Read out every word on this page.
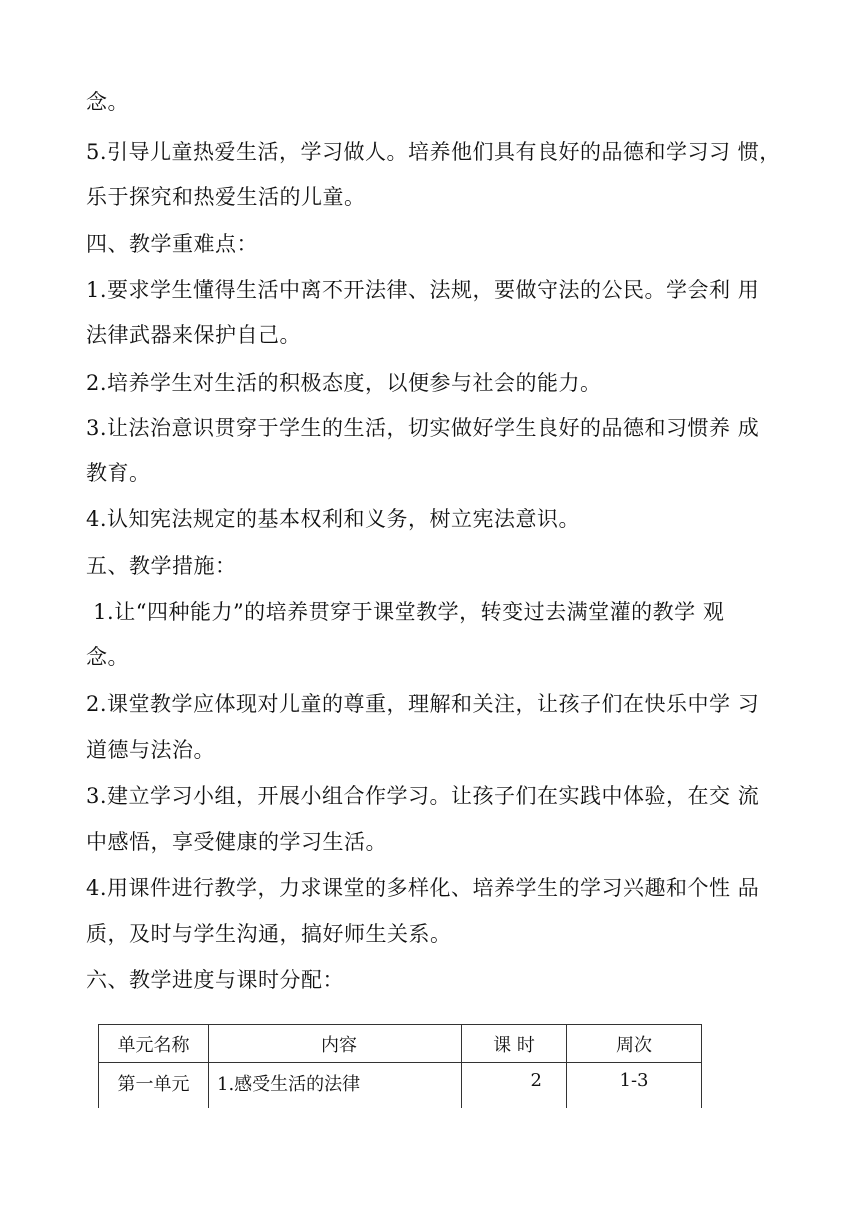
念。
5.引导儿童热爱生活，学习做人。培养他们具有良好的品德和学习习 惯，
乐于探究和热爱生活的儿童。
四、教学重难点：
1.要求学生懂得生活中离不开法律、法规，要做守法的公民。学会利 用
法律武器来保护自己。
2.培养学生对生活的积极态度，以便参与社会的能力。
3.让法治意识贯穿于学生的生活，切实做好学生良好的品德和习惯养 成
教育。
4.认知宪法规定的基本权利和义务，树立宪法意识。
五、教学措施：
1.让“四种能力”的培养贯穿于课堂教学，转变过去满堂灌的教学 观
念。
2.课堂教学应体现对儿童的尊重，理解和关注，让孩子们在快乐中学 习
道德与法治。
3.建立学习小组，开展小组合作学习。让孩子们在实践中体验，在交 流
中感悟，享受健康的学习生活。
4.用课件进行教学，力求课堂的多样化、培养学生的学习兴趣和个性 品
质，及时与学生沟通，搞好师生关系。
六、教学进度与课时分配：
单元名称	内容	课 时	周次
第一单元	1.感受生活的法律	2	1-3
